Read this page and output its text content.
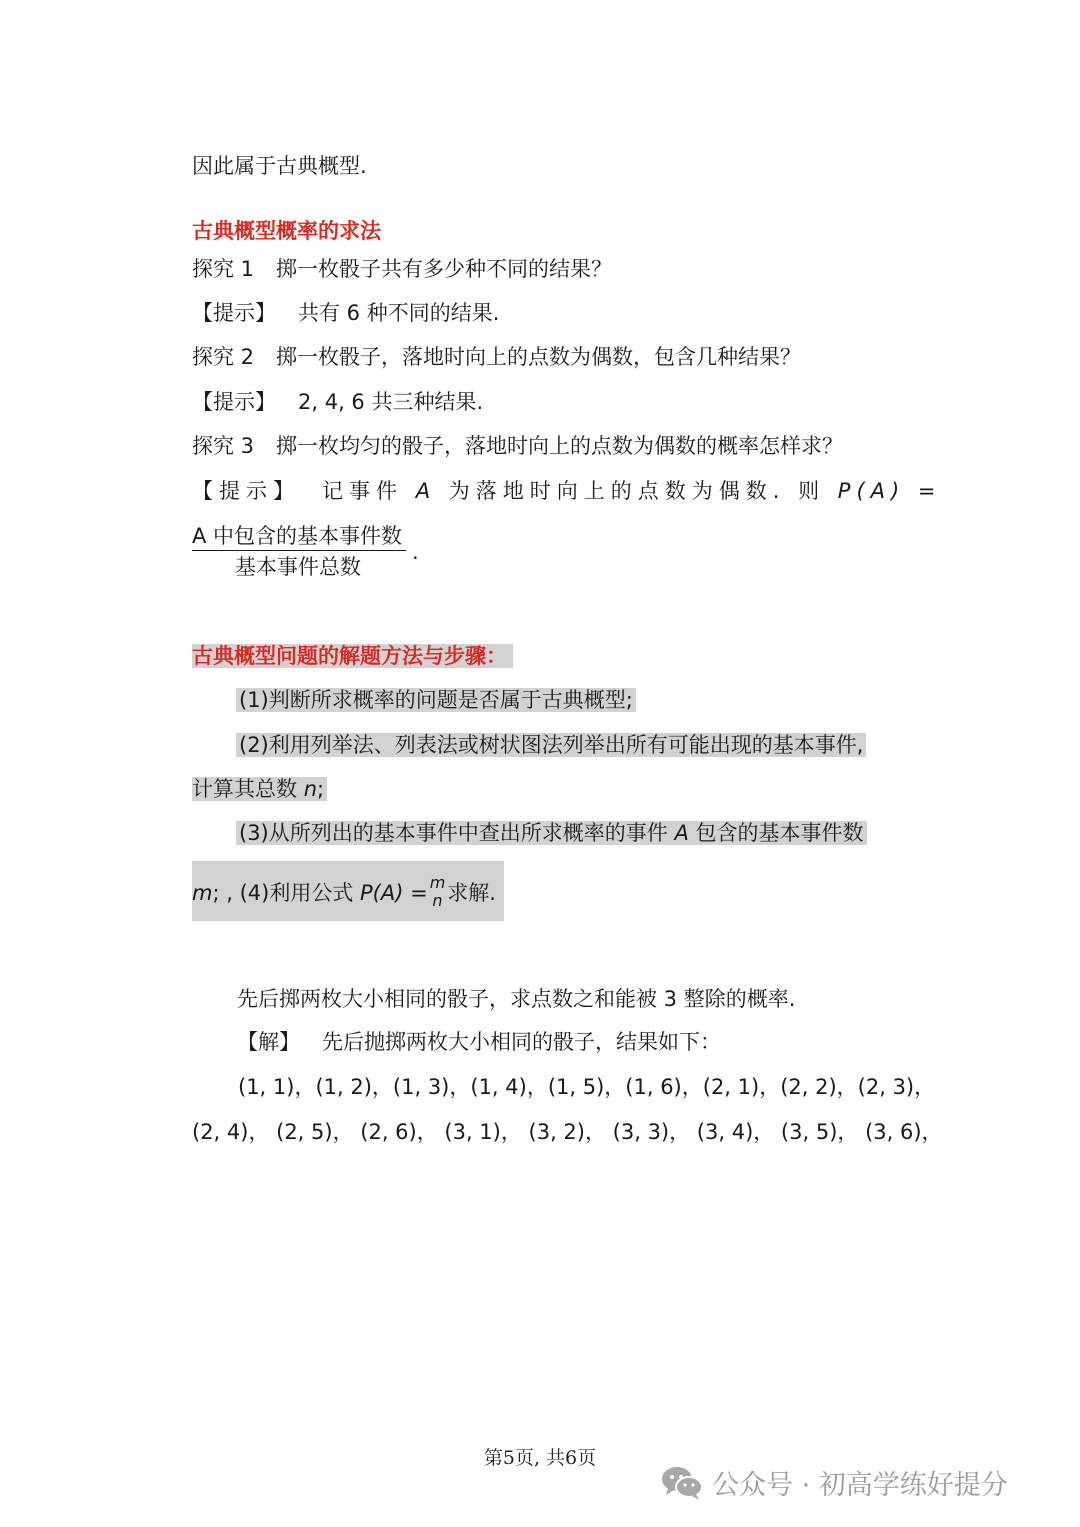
因此属于古典概型.
古典概型概率的求法
探究 1 掷一枚骰子共有多少种不同的结果？
【提示】 共有 6 种不同的结果.
探究 2 掷一枚骰子，落地时向上的点数为偶数，包含几种结果？
【提示】 2, 4, 6 共三种结果.
探究 3 掷一枚均匀的骰子，落地时向上的点数为偶数的概率怎样求？
【提示】 记事件 A 为落地时向上的点数为偶数. 则 P(A) =
A 中包含的基本事件数
基本事件总数
.
古典概型问题的解题方法与步骤：
(1)判断所求概率的问题是否属于古典概型;
(2)利用列举法、列表法或树状图法列举出所有可能出现的基本事件,
计算其总数 n;
(3)从所列出的基本事件中查出所求概率的事件 A 包含的基本事件数
m; , (4)利用公式 P(A) = m
n 求解.
先后掷两枚大小相同的骰子，求点数之和能被 3 整除的概率.
【解】 先后抛掷两枚大小相同的骰子，结果如下：
(1, 1)，(1, 2)，(1, 3)，(1, 4)，(1, 5)，(1, 6)，(2, 1)，(2, 2)，(2, 3)，
(2, 4)， (2, 5)， (2, 6)， (3, 1)， (3, 2)， (3, 3)， (3, 4)， (3, 5)， (3, 6)，
第5页, 共6页
公众号 · 初高学练好提分
